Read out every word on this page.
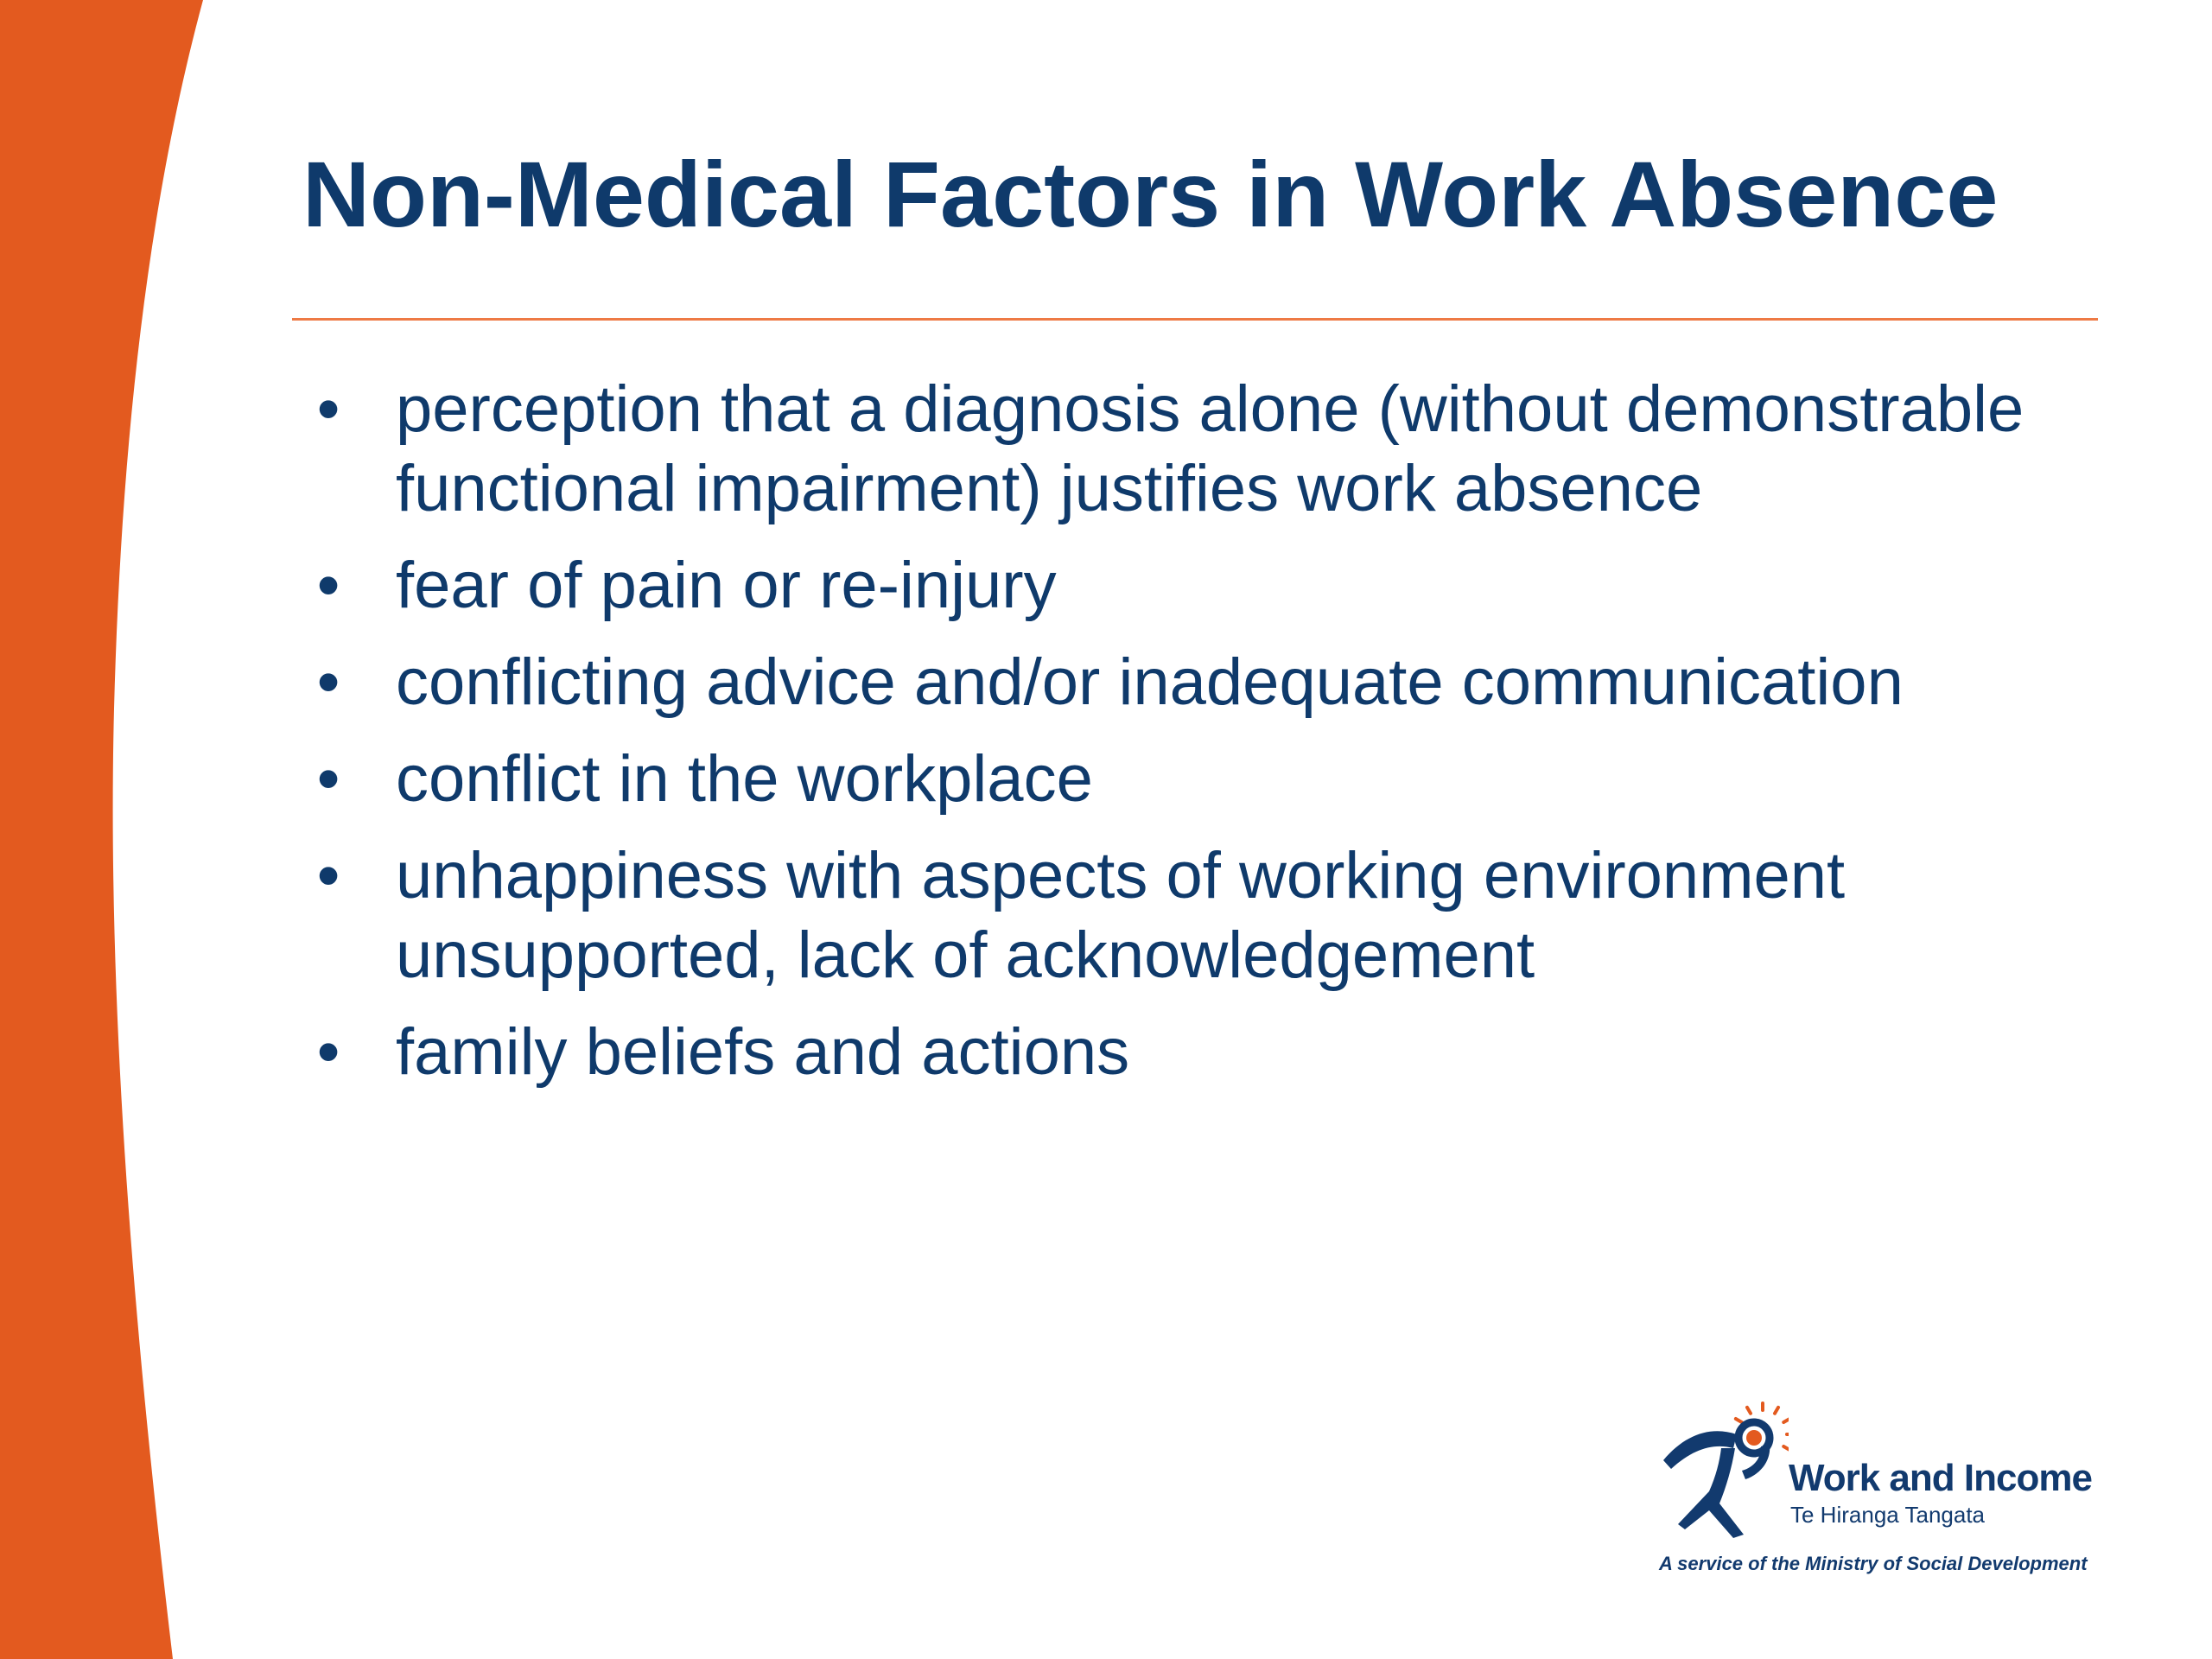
Non-Medical Factors in Work Absence
• perception that a diagnosis alone (without demonstrable functional impairment) justifies work absence
• fear of pain or re-injury
• conflicting advice and/or inadequate communication
• conflict in the workplace
• unhappiness with aspects of working environment unsupported, lack of acknowledgement
• family beliefs and actions
Work and Income
Te Hiranga Tangata
A service of the Ministry of Social Development
